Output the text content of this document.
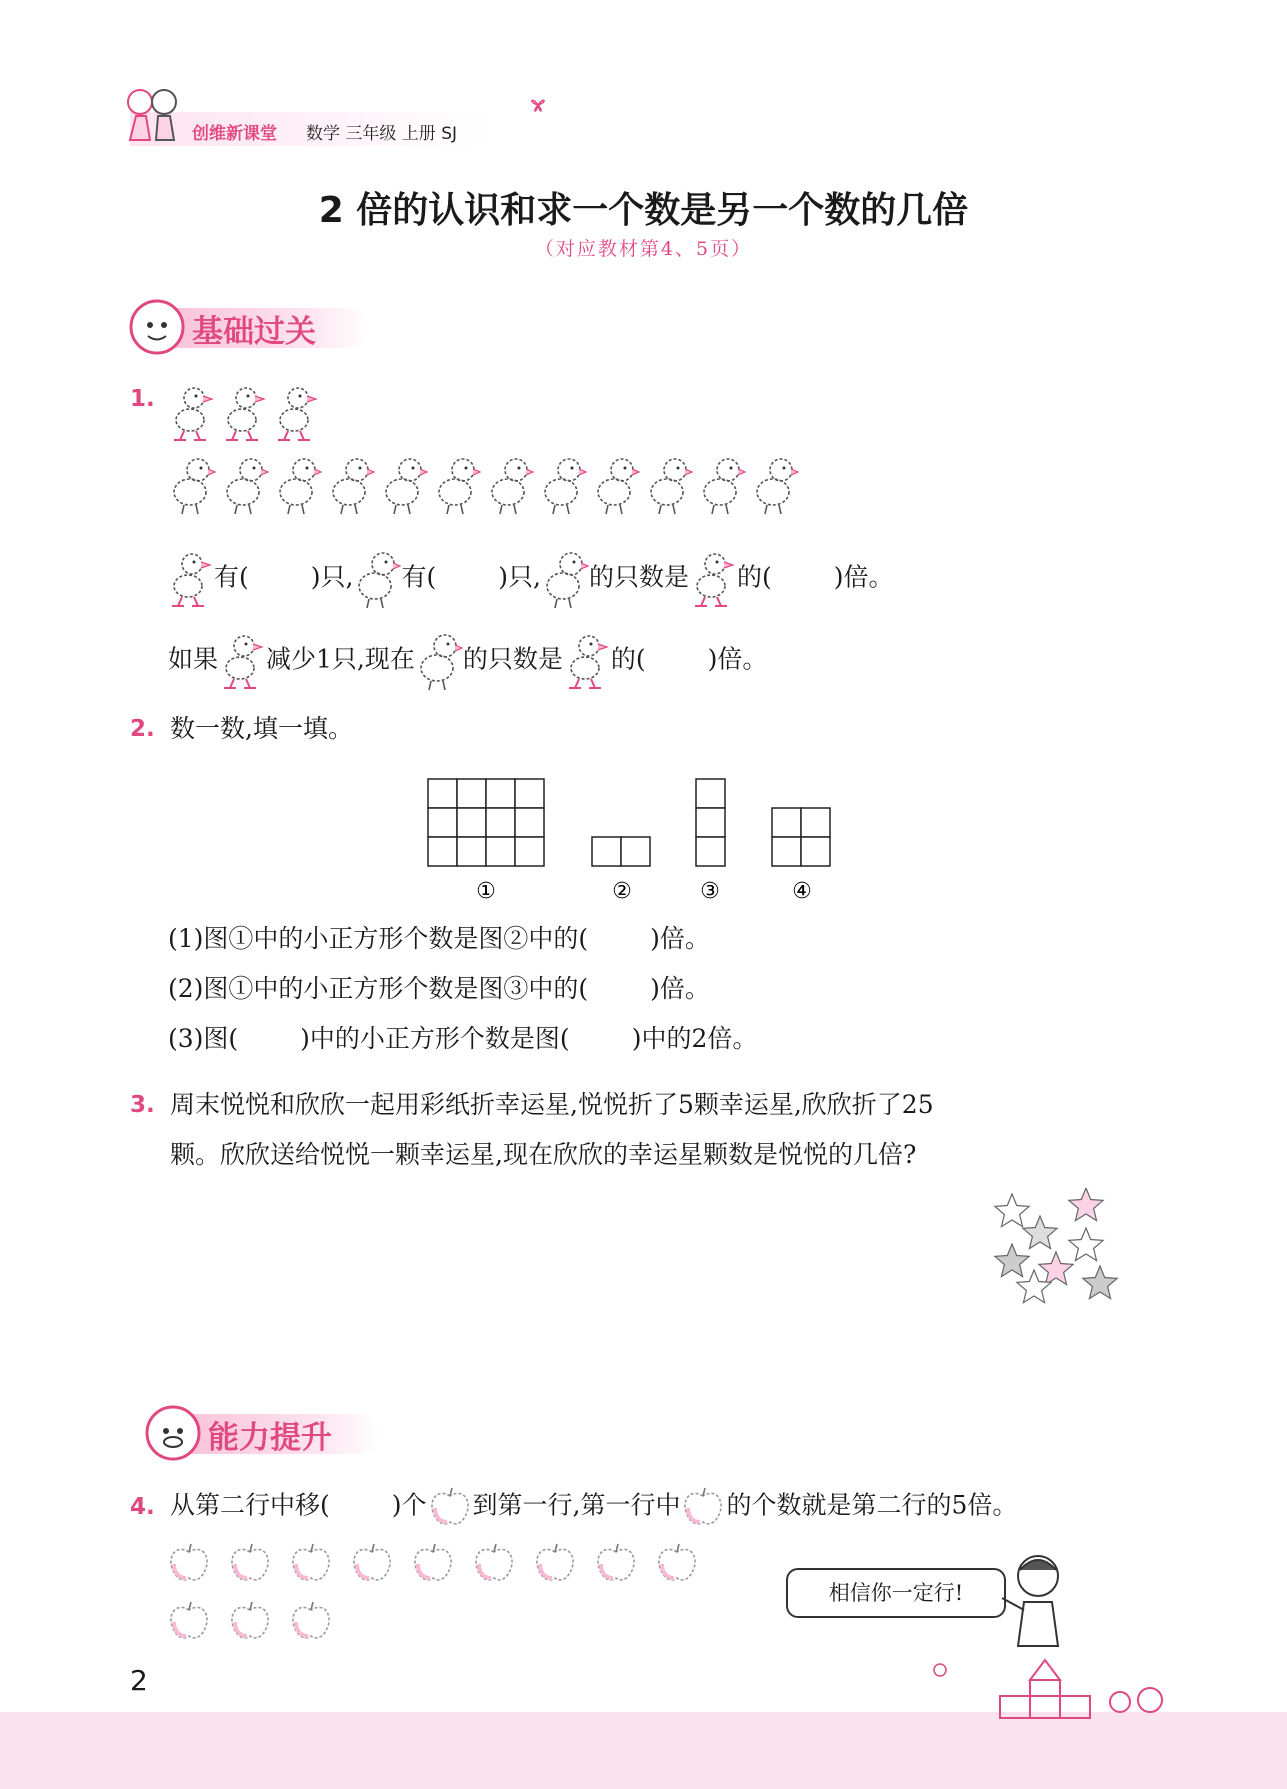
创维新课堂 数学 三年级 上册 SJ
2 倍的认识和求一个数是另一个数的几倍
（对应教材第4、5页）
基础过关
1.
有( )只, 有( )只, 的只数是 的( )倍。
如果 减少1只,现在 的只数是 的( )倍。
2. 数一数,填一填。
①	②	③	④
(1)图①中的小正方形个数是图②中的( )倍。
(2)图①中的小正方形个数是图③中的( )倍。
(3)图( )中的小正方形个数是图( )中的2倍。
3. 周末悦悦和欣欣一起用彩纸折幸运星,悦悦折了5颗幸运星,欣欣折了25
颗。欣欣送给悦悦一颗幸运星,现在欣欣的幸运星颗数是悦悦的几倍?
能力提升
4. 从第二行中移( )个 到第一行,第一行中 的个数就是第二行的5倍。
相信你一定行!
2
